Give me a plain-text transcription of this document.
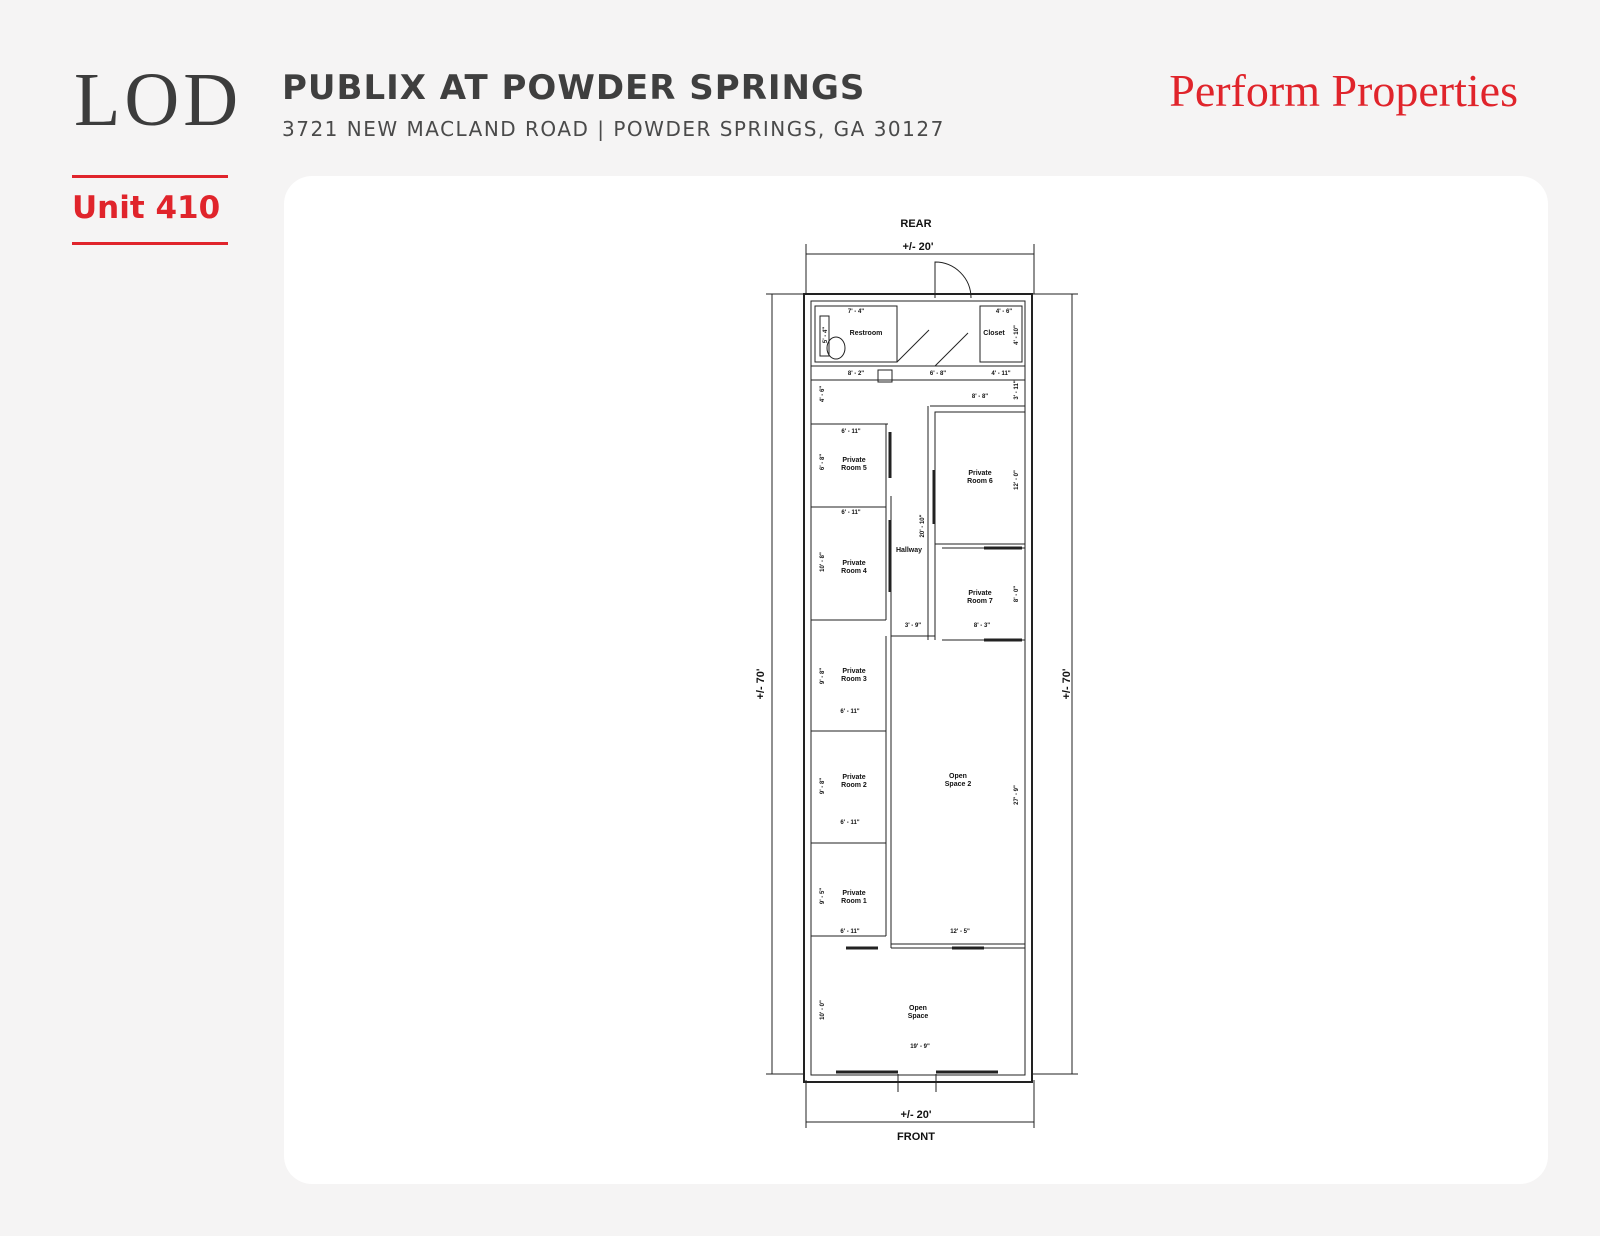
LOD PUBLIX AT POWDER SPRINGS
3721 NEW MACLAND ROAD | POWDER SPRINGS, GA 30127
Perform Properties
Unit 410	REAR
+/- 20'
+/- 20'
FRONT
+/- 70'	+/- 70'
Restroom	Closet
Private
Room 5
Private
Room 6
Private
Room 4
Hallway
Private
Room 7
Private
Room 3
Open
Space 2
Private
Room 2
Private
Room 1
Open
Space
7' - 4"	4' - 6"
5' - 4"	4' - 10"
8' - 2"	6' - 8"	4' - 11"
3' - 11"
8' - 8"
4' - 6"
6' - 11"
6' - 8"
12' - 0"
6' - 11"
20' - 10"
10' - 8"
8' - 0"
3' - 9"	8' - 3"
9' - 8"
6' - 11"
27' - 9"
9' - 8"
6' - 11"
9' - 5"
6' - 11"	12' - 5"
10' - 0"
19' - 9"
